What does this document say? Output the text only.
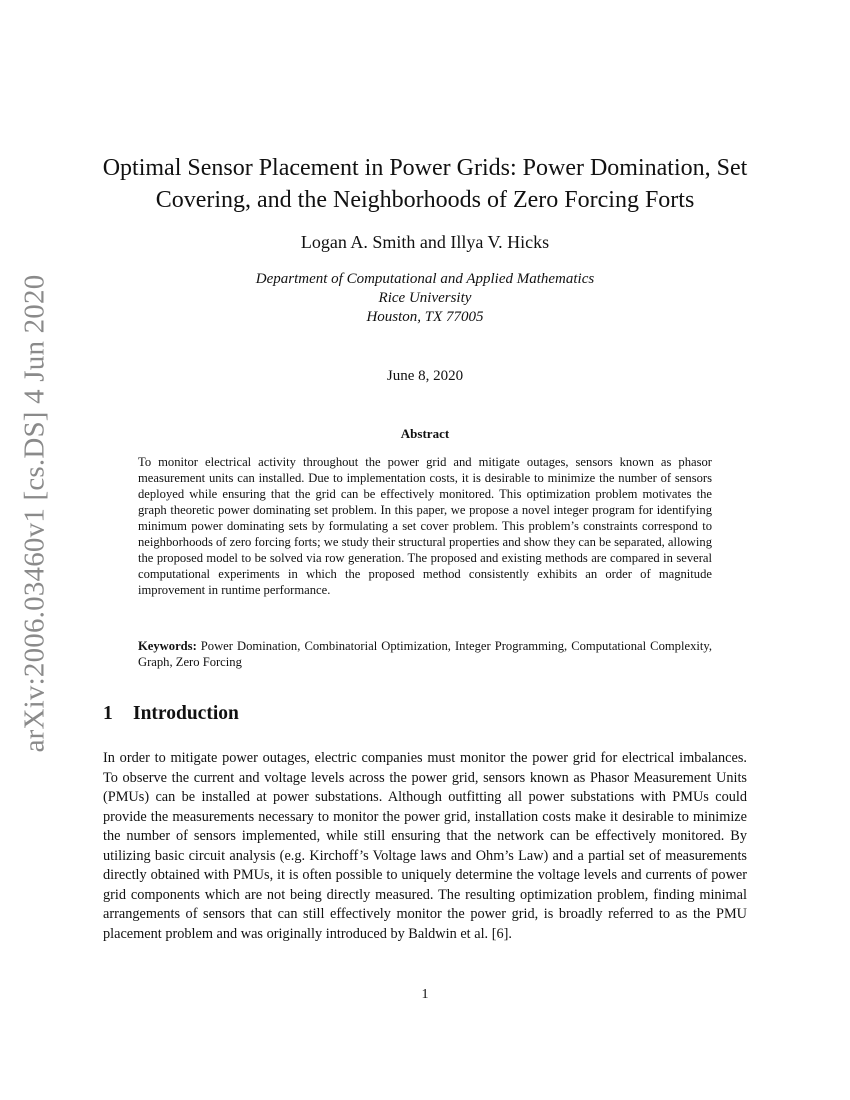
arXiv:2006.03460v1 [cs.DS] 4 Jun 2020
Optimal Sensor Placement in Power Grids: Power Domination, Set Covering, and the Neighborhoods of Zero Forcing Forts
Logan A. Smith and Illya V. Hicks
Department of Computational and Applied Mathematics
Rice University
Houston, TX 77005
June 8, 2020
Abstract
To monitor electrical activity throughout the power grid and mitigate outages, sensors known as phasor measurement units can installed. Due to implementation costs, it is desirable to minimize the number of sensors deployed while ensuring that the grid can be effectively monitored. This optimization problem motivates the graph theoretic power dominating set problem. In this paper, we propose a novel integer program for identifying minimum power dominating sets by formulating a set cover problem. This problem’s constraints correspond to neighborhoods of zero forcing forts; we study their structural properties and show they can be separated, allowing the proposed model to be solved via row generation. The proposed and existing methods are compared in several computational experiments in which the proposed method consistently exhibits an order of magnitude improvement in runtime performance.
Keywords: Power Domination, Combinatorial Optimization, Integer Programming, Computational Complexity, Graph, Zero Forcing
1 Introduction

In order to mitigate power outages, electric companies must monitor the power grid for electrical imbalances. To observe the current and voltage levels across the power grid, sensors known as Phasor Measurement Units (PMUs) can be installed at power substations. Although outfitting all power substations with PMUs could provide the measurements necessary to monitor the power grid, installation costs make it desirable to minimize the number of sensors implemented, while still ensuring that the network can be effectively monitored. By utilizing basic circuit analysis (e.g. Kirchoff’s Voltage laws and Ohm’s Law) and a partial set of measurements directly obtained with PMUs, it is often possible to uniquely determine the voltage levels and currents of power grid components which are not being directly measured. The resulting optimization problem, finding minimal arrangements of sensors that can still effectively monitor the power grid, is broadly referred to as the PMU placement problem and was originally introduced by Baldwin et al. [6].

1
